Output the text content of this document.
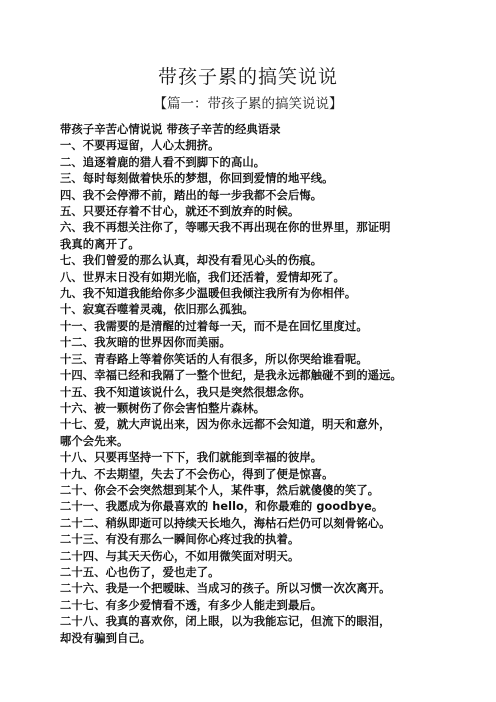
带孩子累的搞笑说说
【篇一：带孩子累的搞笑说说】
带孩子辛苦心情说说 带孩子辛苦的经典语录
一、不要再逗留，人心太拥挤。
二、追逐着鹿的猎人看不到脚下的高山。
三、每时每刻做着快乐的梦想，你回到爱情的地平线。
四、我不会停滞不前，踏出的每一步我都不会后悔。
五、只要还存着不甘心，就还不到放弃的时候。
六、我不再想关注你了，等哪天我不再出现在你的世界里，那证明
我真的离开了。
七、我们曾爱的那么认真，却没有看见心头的伤痕。
八、世界末日没有如期光临，我们还活着，爱情却死了。
九、我不知道我能给你多少温暖但我倾注我所有为你相伴。
十、寂寞吞噬着灵魂，依旧那么孤独。
十一、我需要的是清醒的过着每一天，而不是在回忆里度过。
十二、我灰暗的世界因你而美丽。
十三、青春路上等着你笑话的人有很多，所以你哭给谁看呢。
十四、幸福已经和我隔了一整个世纪，是我永远都触碰不到的遥远。
十五、我不知道该说什么，我只是突然很想念你。
十六、被一颗树伤了你会害怕整片森林。
十七、爱，就大声说出来，因为你永远都不会知道，明天和意外，
哪个会先来。
十八、只要再坚持一下下，我们就能到幸福的彼岸。
十九、不去期望，失去了不会伤心，得到了便是惊喜。
二十、你会不会突然想到某个人，某件事，然后就傻傻的笑了。
二十一、我愿成为你最喜欢的 hello，和你最难的 goodbye。
二十二、稍纵即逝可以持续天长地久，海枯石烂仍可以刻骨铭心。
二十三、有没有那么一瞬间你心疼过我的执着。
二十四、与其天天伤心，不如用微笑面对明天。
二十五、心也伤了，爱也走了。
二十六、我是一个把暧昧、当成习的孩子。所以习惯一次次离开。
二十七、有多少爱情看不透，有多少人能走到最后。
二十八、我真的喜欢你，闭上眼，以为我能忘记，但流下的眼泪，
却没有骗到自己。
